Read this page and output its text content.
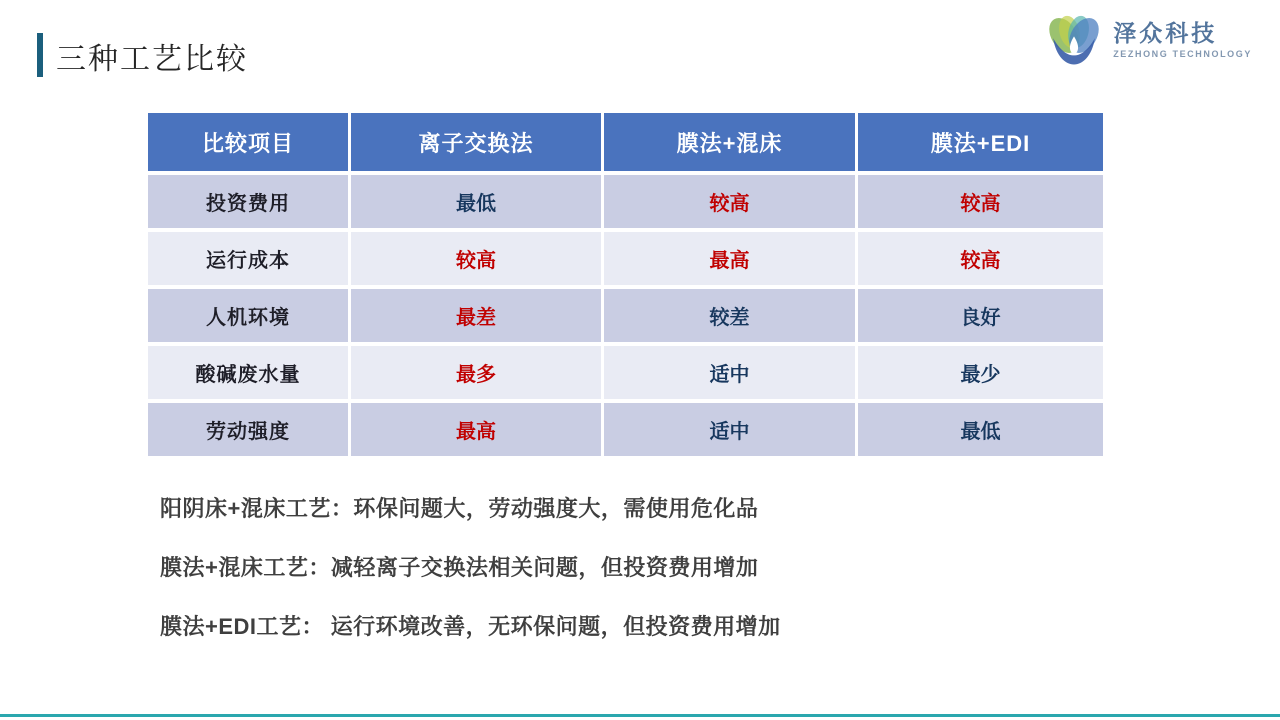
三种工艺比较
泽众科技
ZEZHONG TECHNOLOGY
比较项目	离子交换法	膜法+混床	膜法+EDI
投资费用	最低	较高	较高
运行成本	较高	最高	较高
人机环境	最差	较差	良好
酸碱废水量	最多	适中	最少
劳动强度	最高	适中	最低

阳阴床+混床工艺：环保问题大，劳动强度大，需使用危化品

膜法+混床工艺：减轻离子交换法相关问题，但投资费用增加

膜法+EDI工艺： 运行环境改善，无环保问题，但投资费用增加
